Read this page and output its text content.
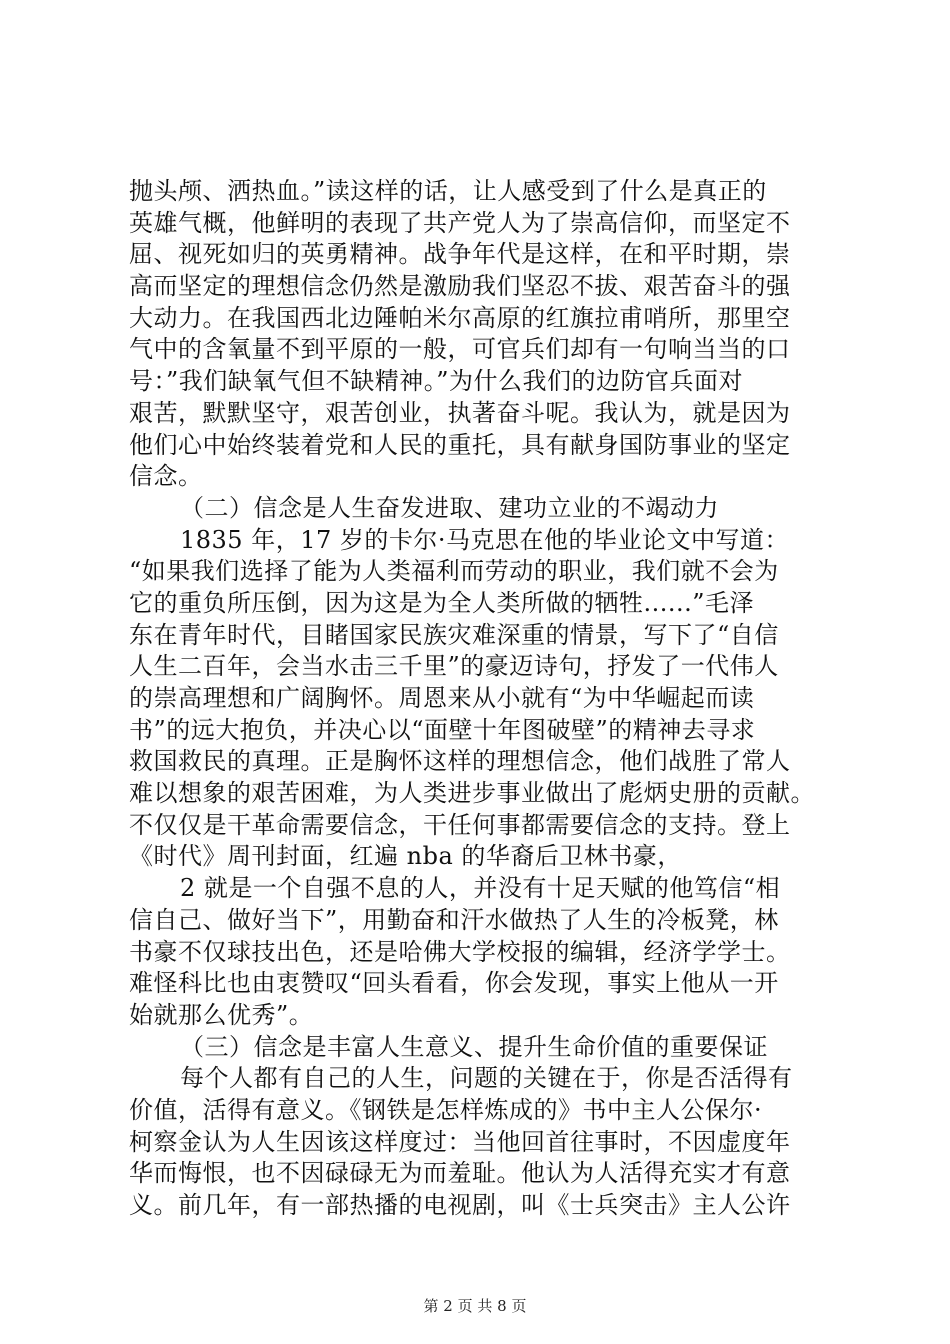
抛头颅、洒热血。”读这样的话，让人感受到了什么是真正的
英雄气概，他鲜明的表现了共产党人为了崇高信仰，而坚定不
屈、视死如归的英勇精神。战争年代是这样，在和平时期，崇
高而坚定的理想信念仍然是激励我们坚忍不拔、艰苦奋斗的强
大动力。在我国西北边陲帕米尔高原的红旗拉甫哨所，那里空
气中的含氧量不到平原的一般，可官兵们却有一句响当当的口
号：”我们缺氧气但不缺精神。”为什么我们的边防官兵面对
艰苦，默默坚守，艰苦创业，执著奋斗呢。我认为，就是因为
他们心中始终装着党和人民的重托，具有献身国防事业的坚定
信念。
（二）信念是人生奋发进取、建功立业的不竭动力
1835 年，17 岁的卡尔·马克思在他的毕业论文中写道：
“如果我们选择了能为人类福利而劳动的职业，我们就不会为
它的重负所压倒，因为这是为全人类所做的牺牲......”毛泽
东在青年时代，目睹国家民族灾难深重的情景，写下了“自信
人生二百年，会当水击三千里”的豪迈诗句，抒发了一代伟人
的崇高理想和广阔胸怀。周恩来从小就有“为中华崛起而读
书”的远大抱负，并决心以“面壁十年图破壁”的精神去寻求
救国救民的真理。正是胸怀这样的理想信念，他们战胜了常人
难以想象的艰苦困难，为人类进步事业做出了彪炳史册的贡献。
不仅仅是干革命需要信念，干任何事都需要信念的支持。登上
《时代》周刊封面，红遍 nba 的华裔后卫林书豪，
2 就是一个自强不息的人，并没有十足天赋的他笃信“相
信自己、做好当下”，用勤奋和汗水做热了人生的冷板凳，林
书豪不仅球技出色，还是哈佛大学校报的编辑，经济学学士。
难怪科比也由衷赞叹“回头看看，你会发现，事实上他从一开
始就那么优秀”。
（三）信念是丰富人生意义、提升生命价值的重要保证
每个人都有自己的人生，问题的关键在于，你是否活得有
价值，活得有意义。《钢铁是怎样炼成的》书中主人公保尔·
柯察金认为人生因该这样度过：当他回首往事时，不因虚度年
华而悔恨，也不因碌碌无为而羞耻。他认为人活得充实才有意
义。前几年，有一部热播的电视剧，叫《士兵突击》主人公许
第 2 页 共 8 页
